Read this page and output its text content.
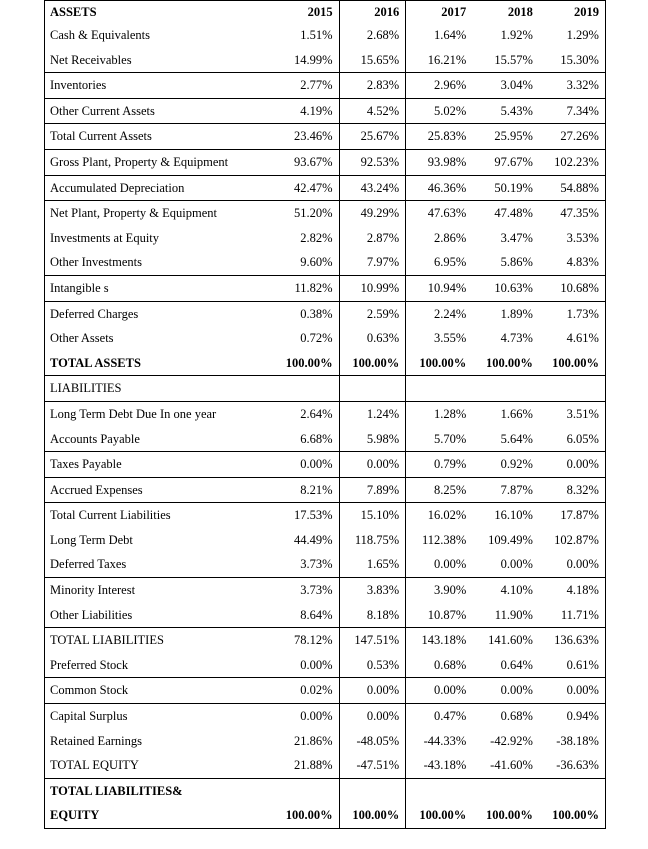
ASSETS	2015	2016	2017	2018	2019
Cash & Equivalents	1.51%	2.68%	1.64%	1.92%	1.29%
Net Receivables	14.99%	15.65%	16.21%	15.57%	15.30%
Inventories	2.77%	2.83%	2.96%	3.04%	3.32%
Other Current Assets	4.19%	4.52%	5.02%	5.43%	7.34%
Total Current Assets	23.46%	25.67%	25.83%	25.95%	27.26%
Gross Plant, Property & Equipment	93.67%	92.53%	93.98%	97.67%	102.23%
Accumulated Depreciation	42.47%	43.24%	46.36%	50.19%	54.88%
Net Plant, Property & Equipment	51.20%	49.29%	47.63%	47.48%	47.35%
Investments at Equity	2.82%	2.87%	2.86%	3.47%	3.53%
Other Investments	9.60%	7.97%	6.95%	5.86%	4.83%
Intangible s	11.82%	10.99%	10.94%	10.63%	10.68%
Deferred Charges	0.38%	2.59%	2.24%	1.89%	1.73%
Other Assets	0.72%	0.63%	3.55%	4.73%	4.61%
TOTAL ASSETS	100.00%	100.00%	100.00%	100.00%	100.00%
LIABILITIES					
Long Term Debt Due In one year	2.64%	1.24%	1.28%	1.66%	3.51%
Accounts Payable	6.68%	5.98%	5.70%	5.64%	6.05%
Taxes Payable	0.00%	0.00%	0.79%	0.92%	0.00%
Accrued Expenses	8.21%	7.89%	8.25%	7.87%	8.32%
Total Current Liabilities	17.53%	15.10%	16.02%	16.10%	17.87%
Long Term Debt	44.49%	118.75%	112.38%	109.49%	102.87%
Deferred Taxes	3.73%	1.65%	0.00%	0.00%	0.00%
Minority Interest	3.73%	3.83%	3.90%	4.10%	4.18%
Other Liabilities	8.64%	8.18%	10.87%	11.90%	11.71%
TOTAL LIABILITIES	78.12%	147.51%	143.18%	141.60%	136.63%
Preferred Stock	0.00%	0.53%	0.68%	0.64%	0.61%
Common Stock	0.02%	0.00%	0.00%	0.00%	0.00%
Capital Surplus	0.00%	0.00%	0.47%	0.68%	0.94%
Retained Earnings	21.86%	-48.05%	-44.33%	-42.92%	-38.18%
TOTAL EQUITY	21.88%	-47.51%	-43.18%	-41.60%	-36.63%
TOTAL LIABILITIES&					
EQUITY	100.00%	100.00%	100.00%	100.00%	100.00%
